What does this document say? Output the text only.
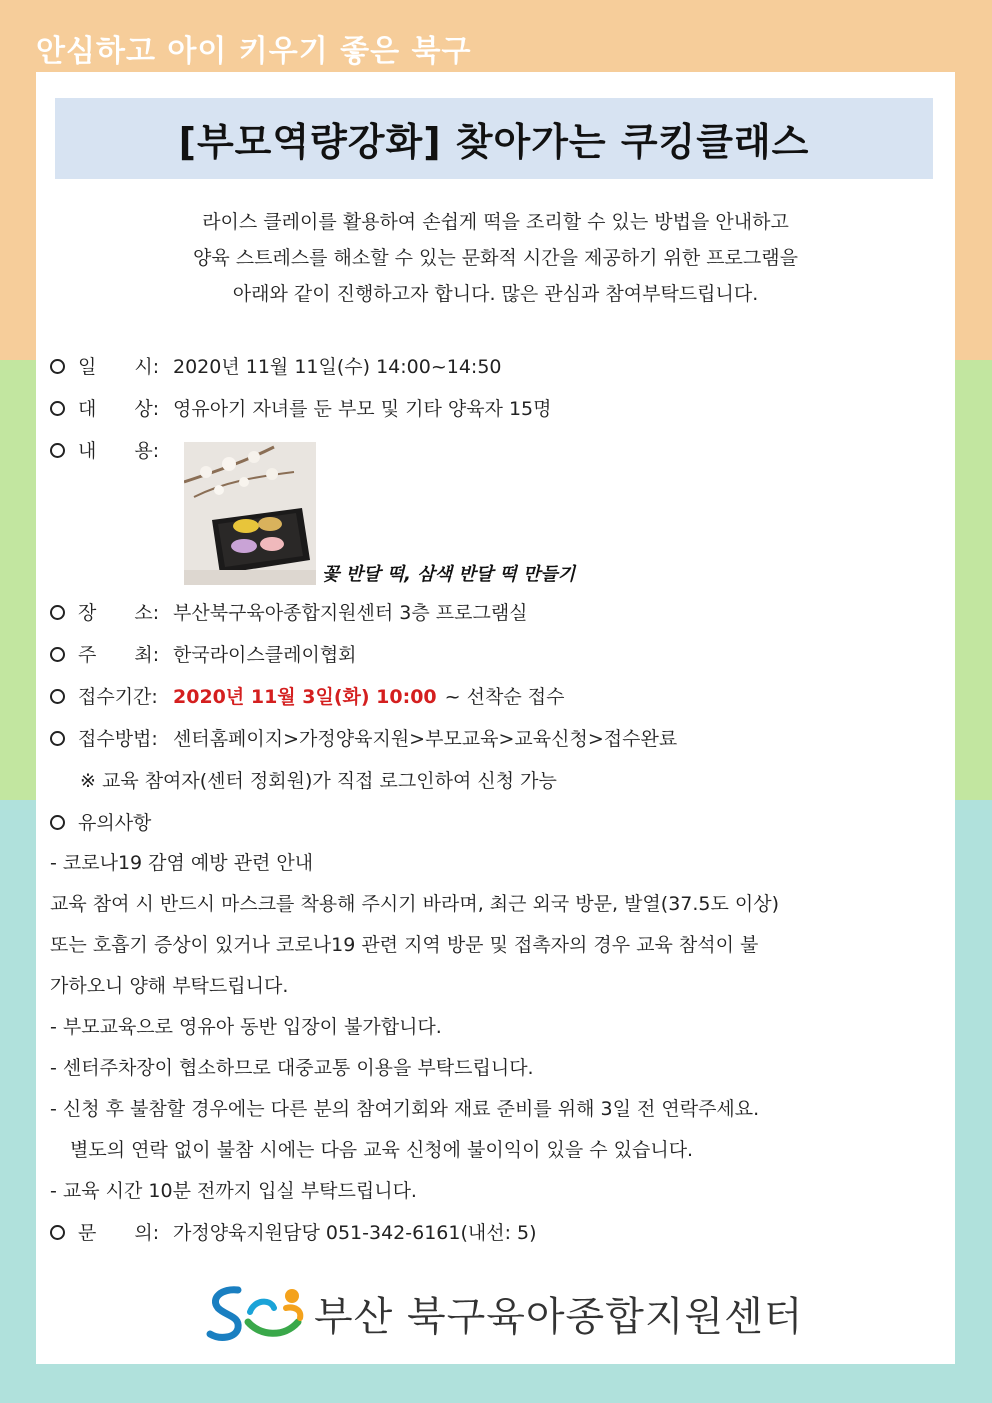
안심하고 아이 키우기 좋은 북구
[부모역량강화] 찾아가는 쿠킹클래스
라이스 클레이를 활용하여 손쉽게 떡을 조리할 수 있는 방법을 안내하고
양육 스트레스를 해소할 수 있는 문화적 시간을 제공하기 위한 프로그램을
아래와 같이 진행하고자 합니다. 많은 관심과 참여부탁드립니다.
일　　시: 2020년 11월 11일(수) 14:00~14:50
대　　상: 영유아기 자녀를 둔 부모 및 기타 양육자 15명
내　　용:
꽃 반달 떡, 삼색 반달 떡 만들기
장　　소: 부산북구육아종합지원센터 3층 프로그램실
주　　최: 한국라이스클레이협회
접수기간: 2020년 11월 3일(화) 10:00 ~ 선착순 접수
접수방법: 센터홈페이지>가정양육지원>부모교육>교육신청>접수완료
※ 교육 참여자(센터 정회원)가 직접 로그인하여 신청 가능
유의사항
- 코로나19 감염 예방 관련 안내
교육 참여 시 반드시 마스크를 착용해 주시기 바라며, 최근 외국 방문, 발열(37.5도 이상)
또는 호흡기 증상이 있거나 코로나19 관련 지역 방문 및 접촉자의 경우 교육 참석이 불
가하오니 양해 부탁드립니다.
- 부모교육으로 영유아 동반 입장이 불가합니다.
- 센터주차장이 협소하므로 대중교통 이용을 부탁드립니다.
- 신청 후 불참할 경우에는 다른 분의 참여기회와 재료 준비를 위해 3일 전 연락주세요.
별도의 연락 없이 불참 시에는 다음 교육 신청에 불이익이 있을 수 있습니다.
- 교육 시간 10분 전까지 입실 부탁드립니다.
문　　의: 가정양육지원담당 051-342-6161(내선: 5)
부산 북구육아종합지원센터
